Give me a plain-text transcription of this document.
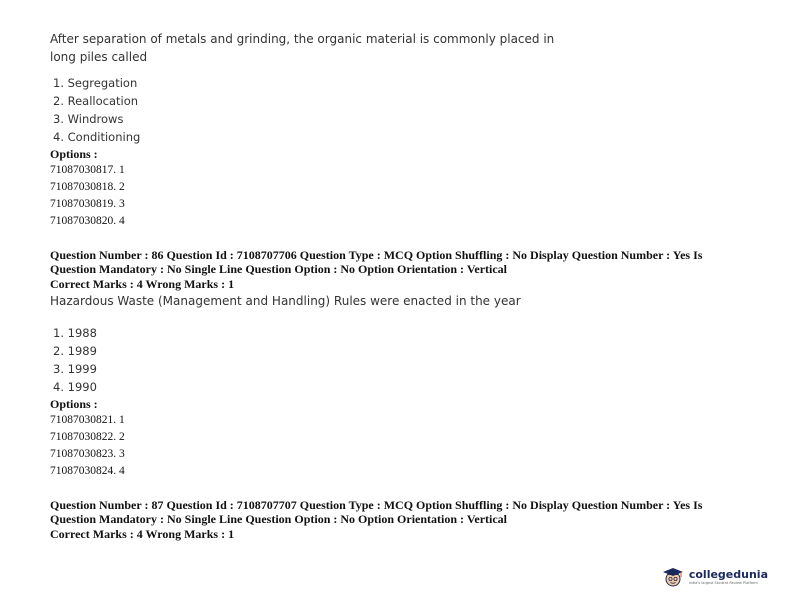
After separation of metals and grinding, the organic material is commonly placed in long piles called

1. Segregation
2. Reallocation
3. Windrows
4. Conditioning

Options :

71087030817. 1
71087030818. 2
71087030819. 3
71087030820. 4

Question Number : 86 Question Id : 7108707706 Question Type : MCQ Option Shuffling : No Display Question Number : Yes Is

Question Mandatory : No Single Line Question Option : No Option Orientation : Vertical

Correct Marks : 4 Wrong Marks : 1

Hazardous Waste (Management and Handling) Rules were enacted in the year

1. 1988
2. 1989
3. 1999
4. 1990

Options :

71087030821. 1
71087030822. 2
71087030823. 3
71087030824. 4

Question Number : 87 Question Id : 7108707707 Question Type : MCQ Option Shuffling : No Display Question Number : Yes Is

Question Mandatory : No Single Line Question Option : No Option Orientation : Vertical

Correct Marks : 4 Wrong Marks : 1

collegedunia
India's largest Student Review Platform
